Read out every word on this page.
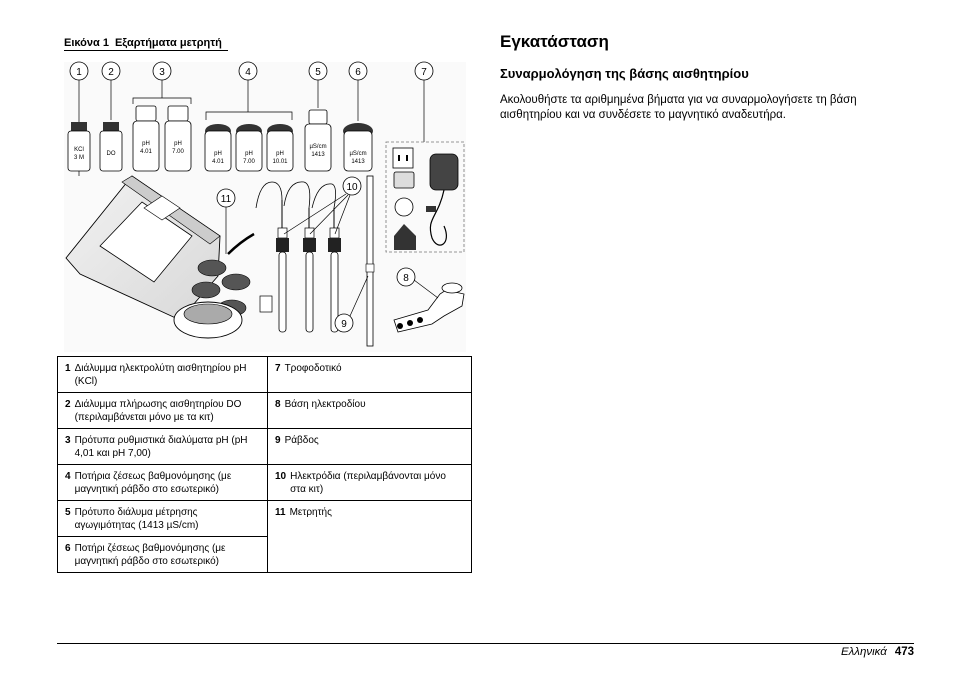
Εικόνα 1 Εξαρτήματα μετρητή
1	2	3	4	5	6	7
KCl
3 M
DO
pH
4.01
pH
7.00	pH
4.01
pH
7.00
pH
10.01
µS/cm
1413	µS/cm
1413
11
10
9
8
1 Διάλυμμα ηλεκτρολύτη αισθητηρίου pH (KCl)	7 Τροφοδοτικό
2 Διάλυμμα πλήρωσης αισθητηρίου DO (περιλαμβάνεται μόνο με τα κιτ)	8 Βάση ηλεκτροδίου
3 Πρότυπα ρυθμιστικά διαλύματα pH (pH 4,01 και pH 7,00)	9 Ράβδος
4 Ποτήρια ζέσεως βαθμονόμησης (με μαγνητική ράβδο στο εσωτερικό)	10 Ηλεκτρόδια (περιλαμβάνονται μόνο στα κιτ)
5 Πρότυπο διάλυμα μέτρησης αγωγιμότητας (1413 µS/cm)	11 Μετρητής
6 Ποτήρι ζέσεως βαθμονόμησης (με μαγνητική ράβδο στο εσωτερικό)	
Εγκατάσταση
Συναρμολόγηση της βάσης αισθητηρίου
Ακολουθήστε τα αριθμημένα βήματα για να συναρμολογήσετε τη βάση αισθητηρίου και να συνδέσετε το μαγνητικό αναδευτήρα.
Ελληνικά 473
